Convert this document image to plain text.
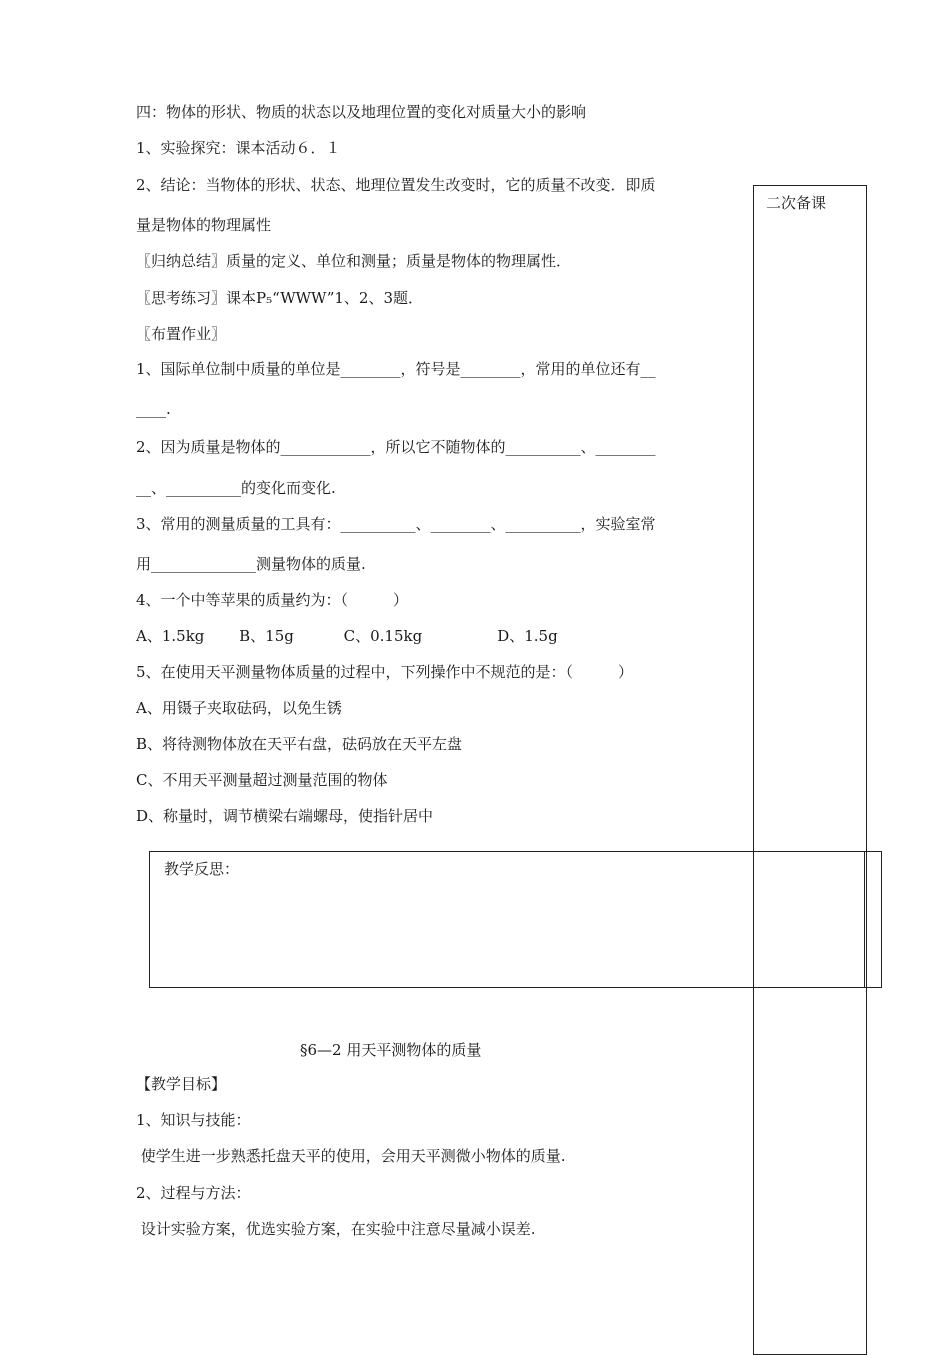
二次备课
四：物体的形状、物质的状态以及地理位置的变化对质量大小的影响
1、实验探究：课本活动６．１
2、结论：当物体的形状、状态、地理位置发生改变时，它的质量不改变．即质
量是物体的物理属性
〖归纳总结〗质量的定义、单位和测量；质量是物体的物理属性．
〖思考练习〗课本P₅“WWW”1、2、3题．
〖布置作业〗
1、国际单位制中质量的单位是________，符号是________，常用的单位还有__
____.
2、因为质量是物体的____________，所以它不随物体的__________、________
__、__________的变化而变化.
3、常用的测量质量的工具有：__________、________、__________，实验室常
用______________测量物体的质量.
4、一个中等苹果的质量约为：（　　　）
A、1.5kg　　 B、15g　　　 C、0.15kg　　　　　D、1.5g
5、在使用天平测量物体质量的过程中，下列操作中不规范的是：（　　　）
A、用镊子夹取砝码，以免生锈
B、将待测物体放在天平右盘，砝码放在天平左盘
C、不用天平测量超过测量范围的物体
D、称量时，调节横梁右端螺母，使指针居中
教学反思：
§6—2 用天平测物体的质量
【教学目标】
1、知识与技能：
使学生进一步熟悉托盘天平的使用，会用天平测微小物体的质量.
2、过程与方法：
设计实验方案，优选实验方案，在实验中注意尽量减小误差.
